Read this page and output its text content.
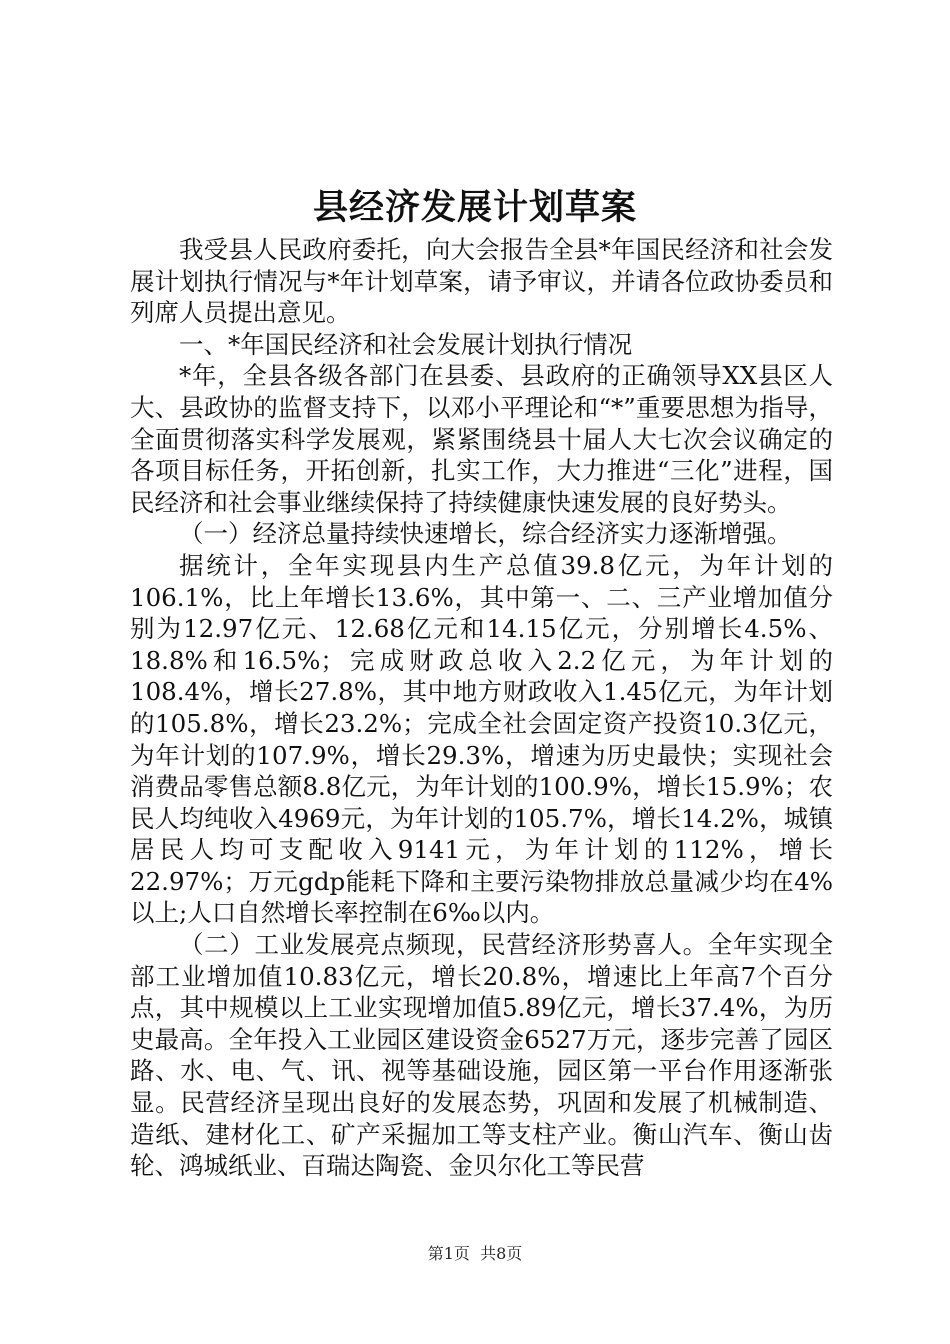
县经济发展计划草案

我受县人民政府委托，向大会报告全县*年国民经济和社会发展计划执行情况与*年计划草案，请予审议，并请各位政协委员和列席人员提出意见。

一、*年国民经济和社会发展计划执行情况

*年，全县各级各部门在县委、县政府的正确领导XX县区人大、县政协的监督支持下，以邓小平理论和“*”重要思想为指导，全面贯彻落实科学发展观，紧紧围绕县十届人大七次会议确定的各项目标任务，开拓创新，扎实工作，大力推进“三化”进程，国民经济和社会事业继续保持了持续健康快速发展的良好势头。

（一）经济总量持续快速增长，综合经济实力逐渐增强。

据统计，全年实现县内生产总值39.8亿元，为年计划的106.1%，比上年增长13.6%，其中第一、二、三产业增加值分别为12.97亿元、12.68亿元和14.15亿元，分别增长4.5%、18.8%和16.5%；完成财政总收入2.2亿元，为年计划的108.4%，增长27.8%，其中地方财政收入1.45亿元，为年计划的105.8%，增长23.2%；完成全社会固定资产投资10.3亿元，为年计划的107.9%，增长29.3%，增速为历史最快；实现社会消费品零售总额8.8亿元，为年计划的100.9%，增长15.9%；农民人均纯收入4969元，为年计划的105.7%，增长14.2%，城镇居民人均可支配收入9141元，为年计划的112%，增长22.97%；万元gdp能耗下降和主要污染物排放总量减少均在4%以上;人口自然增长率控制在6‰以内。

（二）工业发展亮点频现，民营经济形势喜人。全年实现全部工业增加值10.83亿元，增长20.8%，增速比上年高7个百分点，其中规模以上工业实现增加值5.89亿元，增长37.4%，为历史最高。全年投入工业园区建设资金6527万元，逐步完善了园区路、水、电、气、讯、视等基础设施，园区第一平台作用逐渐张显。民营经济呈现出良好的发展态势，巩固和发展了机械制造、造纸、建材化工、矿产采掘加工等支柱产业。衡山汽车、衡山齿轮、鸿城纸业、百瑞达陶瓷、金贝尔化工等民营

第1页  共8页
